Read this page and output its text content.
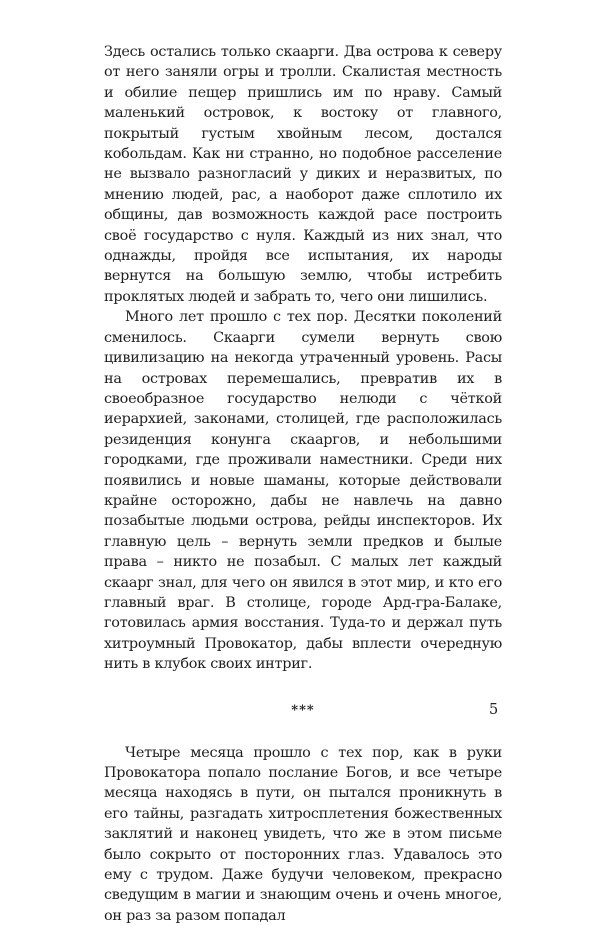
Здесь остались только скаарги. Два острова к северу от него заняли огры и тролли. Скалистая местность и обилие пещер пришлись им по нраву. Самый маленький островок, к востоку от главного, покрытый густым хвойным лесом, достался кобольдам. Как ни странно, но подобное расселение не вызвало разногласий у диких и неразвитых, по мнению людей, рас, а наоборот даже сплотило их общины, дав возможность каждой расе построить своё государство с нуля. Каждый из них знал, что однажды, пройдя все испытания, их народы вернутся на большую землю, чтобы истребить проклятых людей и забрать то, чего они лишились.

Много лет прошло с тех пор. Десятки поколений сменилось. Скаарги сумели вернуть свою цивилизацию на некогда утраченный уровень. Расы на островах перемешались, превратив их в своеобразное государство нелюди с чёткой иерархией, законами, столицей, где расположилась резиденция конунга скааргов, и небольшими городками, где проживали наместники. Среди них появились и новые шаманы, которые действовали крайне осторожно, дабы не навлечь на давно позабытые людьми острова, рейды инспекторов. Их главную цель – вернуть земли предков и былые права – никто не позабыл. С малых лет каждый скаарг знал, для чего он явился в этот мир, и кто его главный враг. В столице, городе Ард-гра-Балаке, готовилась армия восстания. Туда-то и держал путь хитроумный Провокатор, дабы вплести очередную нить в клубок своих интриг.

***

Четыре месяца прошло с тех пор, как в руки Провокатора попало послание Богов, и все четыре месяца находясь в пути, он пытался проникнуть в его тайны, разгадать хитросплетения божественных заклятий и наконец увидеть, что же в этом письме было сокрыто от посторонних глаз. Удавалось это ему с трудом. Даже будучи человеком, прекрасно сведущим в магии и знающим очень и очень многое, он раз за разом попадал

5
